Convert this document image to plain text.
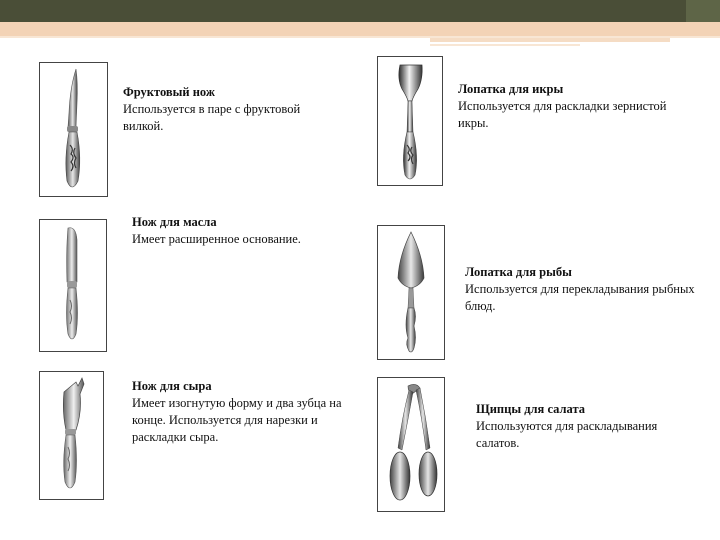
Фруктовый нож
Используется в паре с фруктовой вилкой.
Лопатка для икры
Используется для раскладки зернистой икры.
Нож для масла
Имеет расширенное основание.
Лопатка для рыбы
Используется для перекладывания рыбных блюд.
Нож для сыра
Имеет изогнутую форму и два зубца на конце. Используется для нарезки и раскладки сыра.
Щипцы для салата
Используются для раскладывания салатов.
